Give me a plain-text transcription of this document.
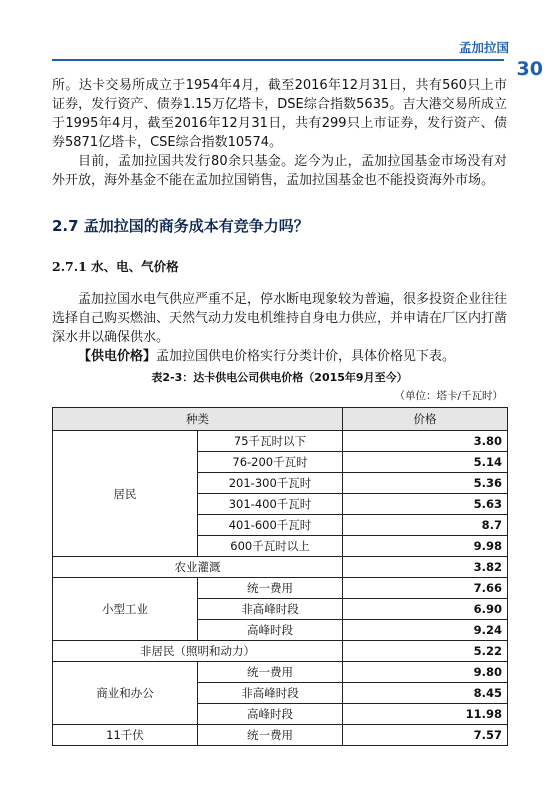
孟加拉国
30

所。达卡交易所成立于1954年4月，截至2016年12月31日，共有560只上市证券，发行资产、债券1.15万亿塔卡，DSE综合指数5635。吉大港交易所成立于1995年4月，截至2016年12月31日，共有299只上市证券，发行资产、债券5871亿塔卡，CSE综合指数10574。

目前，孟加拉国共发行80余只基金。迄今为止，孟加拉国基金市场没有对外开放，海外基金不能在孟加拉国销售，孟加拉国基金也不能投资海外市场。

2.7 孟加拉国的商务成本有竞争力吗？
2.7.1 水、电、气价格

孟加拉国水电气供应严重不足，停水断电现象较为普遍，很多投资企业往往选择自己购买燃油、天然气动力发电机维持自身电力供应，并申请在厂区内打凿深水井以确保供水。

【供电价格】孟加拉国供电价格实行分类计价，具体价格见下表。

表2-3：达卡供电公司供电价格（2015年9月至今）
（单位：塔卡/千瓦时）
种类		价格
居民	75千瓦时以下	3.80
	76-200千瓦时	5.14
	201-300千瓦时	5.36
	301-400千瓦时	5.63
	401-600千瓦时	8.7
	600千瓦时以上	9.98
农业灌溉		3.82
小型工业	统一费用	7.66
	非高峰时段	6.90
	高峰时段	9.24
非居民（照明和动力）		5.22
商业和办公	统一费用	9.80
	非高峰时段	8.45
	高峰时段	11.98
11千伏	统一费用	7.57
